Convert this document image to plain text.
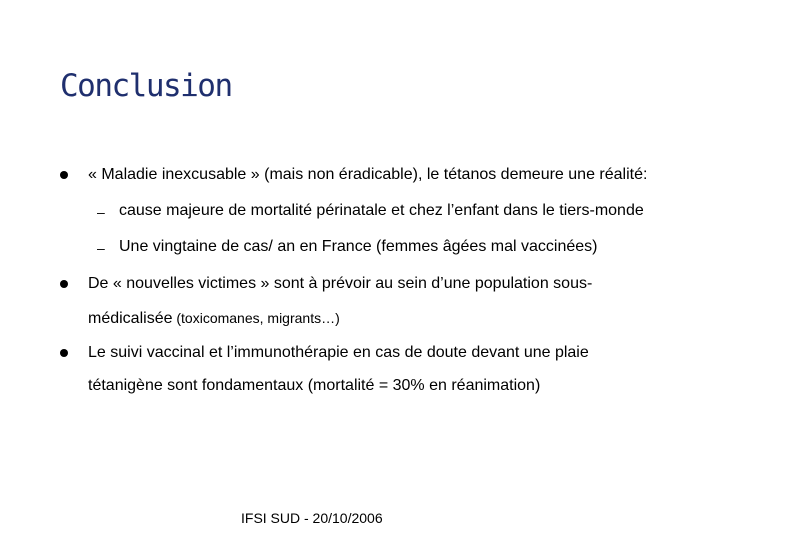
Conclusion
« Maladie inexcusable » (mais non éradicable), le tétanos demeure une réalité:
– cause majeure de mortalité périnatale et chez l’enfant dans le tiers-monde
– Une vingtaine de cas/ an en France (femmes âgées mal vaccinées)
De « nouvelles victimes » sont à prévoir au sein d’une population sous-
médicalisée (toxicomanes, migrants…)
Le suivi vaccinal et l’immunothérapie en cas de doute devant une plaie
tétanigène sont fondamentaux (mortalité = 30% en réanimation)
IFSI SUD - 20/10/2006
